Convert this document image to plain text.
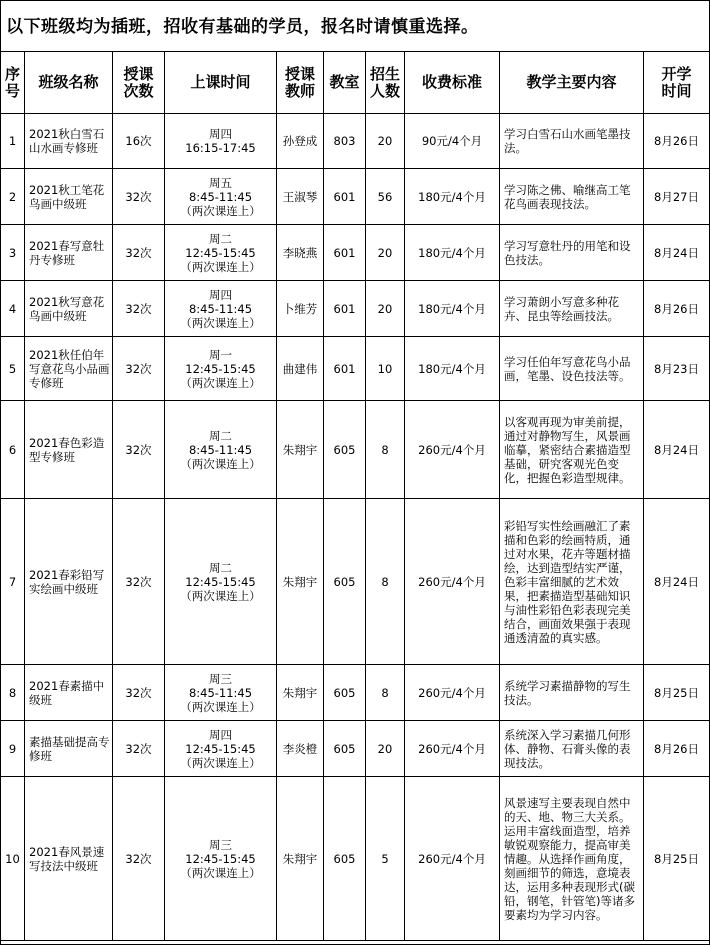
以下班级均为插班，招收有基础的学员，报名时请慎重选择。
序
号	班级名称	授课
次数	上课时间	授课
教师	教室	招生
人数	收费标准	教学主要内容	开学
时间
1	2021秋白雪石山水画专修班	16次	周四
16:15-17:45	孙登成	803	20	90元/4个月	学习白雪石山水画笔墨技法。	8月26日
2	2021秋工笔花鸟画中级班	32次	周五
8:45-11:45
（两次课连上）	王淑琴	601	56	180元/4个月	学习陈之佛、喻继高工笔花鸟画表现技法。	8月27日
3	2021春写意牡丹专修班	32次	周二
12:45-15:45
（两次课连上）	李晓燕	601	20	180元/4个月	学习写意牡丹的用笔和设色技法。	8月24日
4	2021秋写意花鸟画中级班	32次	周四
8:45-11:45
（两次课连上）	卜维芳	601	20	180元/4个月	学习萧朗小写意多种花卉、昆虫等绘画技法。	8月26日
5	2021秋任伯年写意花鸟小品画专修班	32次	周一
12:45-15:45
（两次课连上）	曲建伟	601	10	180元/4个月	学习任伯年写意花鸟小品画，笔墨、设色技法等。	8月23日
6	2021春色彩造型专修班	32次	周二
8:45-11:45
（两次课连上）	朱翔宇	605	8	260元/4个月	以客观再现为审美前提，通过对静物写生，风景画临摹，紧密结合素描造型基础，研究客观光色变化，把握色彩造型规律。	8月24日
7	2021春彩铅写实绘画中级班	32次	周二
12:45-15:45
（两次课连上）	朱翔宇	605	8	260元/4个月	彩铅写实性绘画融汇了素描和色彩的绘画特质，通过对水果，花卉等题材描绘，达到造型结实严谨，色彩丰富细腻的艺术效果，把素描造型基础知识与油性彩铅色彩表现完美结合，画面效果强于表现通透清盈的真实感。	8月24日
8	2021春素描中级班	32次	周三
8:45-11:45
（两次课连上）	朱翔宇	605	8	260元/4个月	系统学习素描静物的写生技法。	8月25日
9	素描基础提高专修班	32次	周四
12:45-15:45
（两次课连上）	李炎橙	605	20	260元/4个月	系统深入学习素描几何形体、静物、石膏头像的表现技法。	8月26日
10	2021春风景速写技法中级班	32次	周三
12:45-15:45
（两次课连上）	朱翔宇	605	5	260元/4个月	风景速写主要表现自然中的天、地、物三大关系。运用丰富线面造型，培养敏锐观察能力，提高审美情趣。从选择作画角度，刻画细节的筛选，意境表达，运用多种表现形式(碳铅，钢笔，针管笔)等诸多要素均为学习内容。	8月25日
